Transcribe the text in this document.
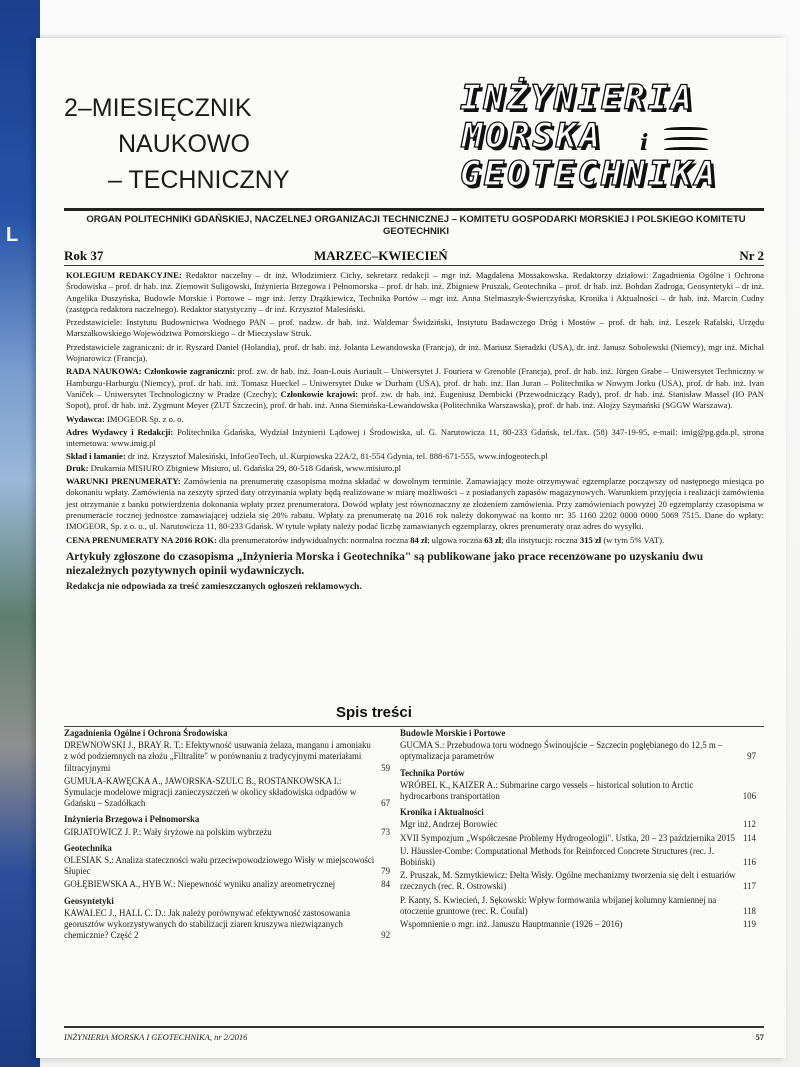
L
2–MIESIĘCZNIK
NAUKOWO
– TECHNICZNY
INŻYNIERIA
MORSKA i
GEOTECHNIKA
ORGAN POLITECHNIKI GDAŃSKIEJ, NACZELNEJ ORGANIZACJI TECHNICZNEJ – KOMITETU GOSPODARKI MORSKIEJ I POLSKIEGO KOMITETU GEOTECHNIKI
Rok 37	MARZEC–KWIECIEŃ	Nr 2

KOLEGIUM REDAKCYJNE: Redaktor naczelny – dr inż. Włodzimierz Cichy, sekretarz redakcji – mgr inż. Magdalena Mossakowska. Redaktorzy działowi: Zagadnienia Ogólne i Ochrona Środowiska – prof. dr hab. inż. Ziemowit Suligowski, Inżynieria Brzegowa i Pełnomorska – prof. dr hab. inż. Zbigniew Pruszak, Geotechnika – prof. dr hab. inż. Bohdan Zadroga, Geosyntetyki – dr inż. Angelika Duszyńska, Budowle Morskie i Portowe – mgr inż. Jerzy Drążkiewicz, Technika Portów – mgr inż. Anna Stelmaszyk-Świerczyńska, Kronika i Aktualności – dr hab. inż. Marcin Cudny (zastępca redaktora naczelnego). Redaktor statystyczny – dr inż. Krzysztof Malesiński.

Przedstawiciele: Instytutu Budownictwa Wodnego PAN – prof. nadzw. dr hab. inż. Waldemar Świdziński, Instytutu Badawczego Dróg i Mostów – prof. dr hab. inż. Leszek Rafalski, Urzędu Marszałkowskiego Województwa Pomorskiego – dr Mieczysław Struk.

Przedstawiciele zagraniczni: dr ir. Ryszard Daniel (Holandia), prof. dr hab. inż. Jolanta Lewandowska (Francja), dr inż. Mariusz Sieradzki (USA), dr. inż. Janusz Sobolewski (Niemcy), mgr inż. Michał Wojnarowicz (Francja).

RADA NAUKOWA: Członkowie zagraniczni: prof. zw. dr hab. inż. Joan-Louis Auriault – Uniwersytet J. Fouriera w Grenoble (Francja), prof. dr hab. inż. Jürgen Grabe – Uniwersytet Techniczny w Hamburgu-Harburgu (Niemcy), prof. dr hab. inż. Tomasz Hueckel – Uniwersytet Duke w Durham (USA), prof. dr hab. inż. Ilan Juran – Politechnika w Nowym Jorku (USA), prof. dr hab. inż. Ivan Vaníček – Uniwersytet Technologiczny w Pradze (Czechy); Członkowie krajowi: prof. zw. dr hab. inż. Eugeniusz Dembicki (Przewodniczący Rady), prof. dr hab. inż. Stanisław Massel (IO PAN Sopot), prof. dr hab. inż. Zygmunt Meyer (ZUT Szczecin), prof. dr hab. inż. Anna Siemińska-Lewandowska (Politechnika Warszawska), prof. dr hab. inż. Alojzy Szymański (SGGW Warszawa).

Wydawca: IMOGEOR Sp. z o. o.

Adres Wydawcy i Redakcji: Politechnika Gdańska, Wydział Inżynierii Lądowej i Środowiska, ul. G. Narutowicza 11, 80-233 Gdańsk, tel./fax. (58) 347-19-95, e-mail: imig@pg.gda.pl, strona internetowa: www.imig.pl

Skład i łamanie: dr inż. Krzysztof Malesiński, InfoGeoTech, ul. Kurpiowska 22A/2, 81-554 Gdynia, tel. 888-671-555, www.infogeotech.pl
Druk: Drukarnia MISIURO Zbigniew Misiuro, ul. Gdańska 29, 80-518 Gdańsk, www.misiuro.pl

WARUNKI PRENUMERATY: Zamówienia na prenumeratę czasopisma można składać w dowolnym terminie. Zamawiający może otrzymywać egzemplarze począwszy od następnego miesiąca po dokonaniu wpłaty. Zamówienia na zeszyty sprzed daty otrzymania wpłaty będą realizowane w miarę możliwości – z posiadanych zapasów magazynowych. Warunkiem przyjęcia i realizacji zamówienia jest otrzymanie z banku potwierdzenia dokonania wpłaty przez prenumeratora. Dowód wpłaty jest równoznaczny ze złożeniem zamówienia. Przy zamówieniach powyżej 20 egzemplarzy czasopisma w prenumeracie rocznej jednostce zamawiającej udziela się 20% rabatu. Wpłaty za prenumeratę na 2016 rok należy dokonywać na konto nr: 35 1160 2202 0000 0000 5069 7515. Dane do wpłaty: IMOGEOR, Sp. z o. o., ul. Narutowicza 11, 80-233 Gdańsk. W tytule wpłaty należy podać liczbę zamawianych egzemplarzy, okres prenumeraty oraz adres do wysyłki.

CENA PRENUMERATY NA 2016 ROK: dla prenumeratorów indywidualnych: normalna roczna 84 zł; ulgowa roczna 63 zł; dla instytucji: roczna 315 zł (w tym 5% VAT).

Artykuły zgłoszone do czasopisma „Inżynieria Morska i Geotechnika" są publikowane jako prace recenzowane po uzyskaniu dwu niezależnych pozytywnych opinii wydawniczych.

Redakcja nie odpowiada za treść zamieszczanych ogłoszeń reklamowych.

Spis treści
Zagadnienia Ogólne i Ochrona Środowiska
DREWNOWSKI J., BRAY R. T.: Efektywność usuwania żelaza, manganu i amoniaku z wód podziemnych na złożu „Filtralite" w porównaniu z tradycyjnymi materiałami filtracyjnymi	59
GUMUŁA-KAWĘCKA A., JAWORSKA-SZULC B., ROSTANKOWSKA I.: Symulacje modelowe migracji zanieczyszczeń w okolicy składowiska odpadów w Gdańsku – Szadółkach	67
Inżynieria Brzegowa i Pełnomorska
GIRJATOWICZ J. P.: Wały śryżowe na polskim wybrzeżu	73
Geotechnika
OLESIAK S.: Analiza stateczności wału przeciwpowodziowego Wisły w miejscowości Słupiec	79
GOŁĘBIEWSKA A., HYB W.: Niepewność wyniku analizy areometrycznej	84
Geosyntetyki
KAWALEC J., HALL C. D.: Jak należy porównywać efektywność zastosowania georusztów wykorzystywanych do stabilizacji ziaren kruszywa niezwiązanych chemicznie? Część 2	92
Budowle Morskie i Portowe
GUCMA S.: Przebudowa toru wodnego Świnoujście – Szczecin pogłębianego do 12,5 m – optymalizacja parametrów	97
Technika Portów
WRÓBEL K., KAIZER A.: Submarine cargo vessels – historical solution to Arctic hydrocarbons transportation	106
Kronika i Aktualności
Mgr inż. Andrzej Borowiec	112
XVII Sympozjum „Współczesne Problemy Hydrogeologii". Ustka, 20 – 23 października 2015 114
U. Häussler-Combe: Computational Methods for Reinforced Concrete Structures (rec. J. Bobiński)	116
Z. Pruszak, M. Szmytkiewicz: Delta Wisły. Ogólne mechanizmy tworzenia się delt i estuariów rzecznych (rec. R. Ostrowski)	117
P. Kanty, S. Kwiecień, J. Sękowski: Wpływ formowania wbijanej kolumny kamiennej na otoczenie gruntowe (rec. R. Coufal)	118
Wspomnienie o mgr. inż. Januszu Hauptmannie (1926 – 2016)	119
INŻYNIERIA MORSKA I GEOTECHNIKA, nr 2/2016	57
